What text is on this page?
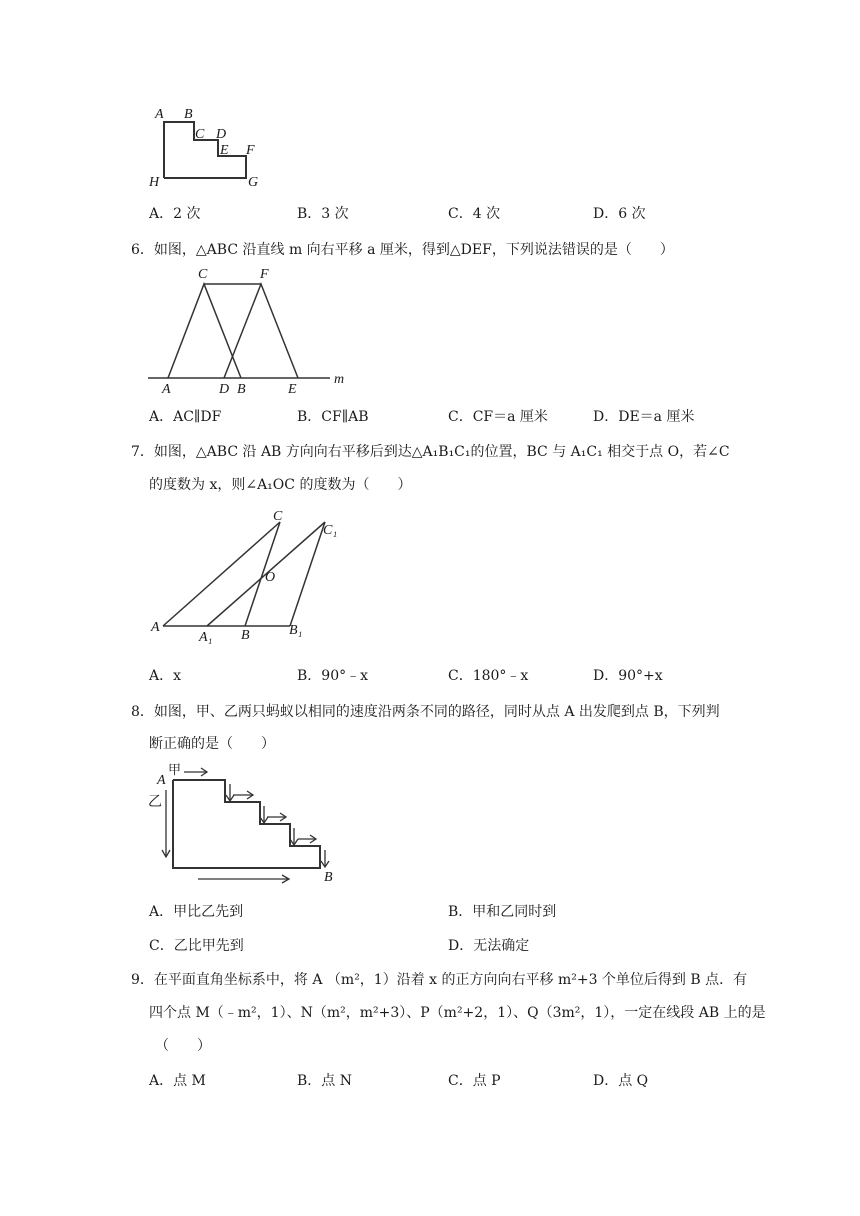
A B
C D
E F
H	G
A．2 次	B．3 次	C．4 次	D．6 次
6．如图，△ABC 沿直线 m 向右平移 a 厘米，得到△DEF，下列说法错误的是（　　）
C	F
A	D B	E
m
A．AC∥DF	B．CF∥AB	C．CF＝a 厘米	D．DE＝a 厘米
7．如图，△ABC 沿 AB 方向向右平移后到达△A₁B₁C₁的位置，BC 与 A₁C₁ 相交于点 O，若∠C
的度数为 x，则∠A₁OC 的度数为（　　）
C
C₁
O
A
A₁ B	B₁
A．x	B．90°﹣x	C．180°﹣x	D．90°+x
8．如图，甲、乙两只蚂蚁以相同的速度沿两条不同的路径，同时从点 A 出发爬到点 B，下列判
断正确的是（　　）
A
甲
乙
B
A．甲比乙先到	B．甲和乙同时到
C．乙比甲先到	D．无法确定
9．在平面直角坐标系中，将 A （m²，1）沿着 x 的正方向向右平移 m²+3 个单位后得到 B 点．有
四个点 M（﹣m²，1）、N（m²，m²+3）、P（m²+2，1）、Q（3m²，1），一定在线段 AB 上的是
（　　）
A．点 M	B．点 N	C．点 P	D．点 Q
